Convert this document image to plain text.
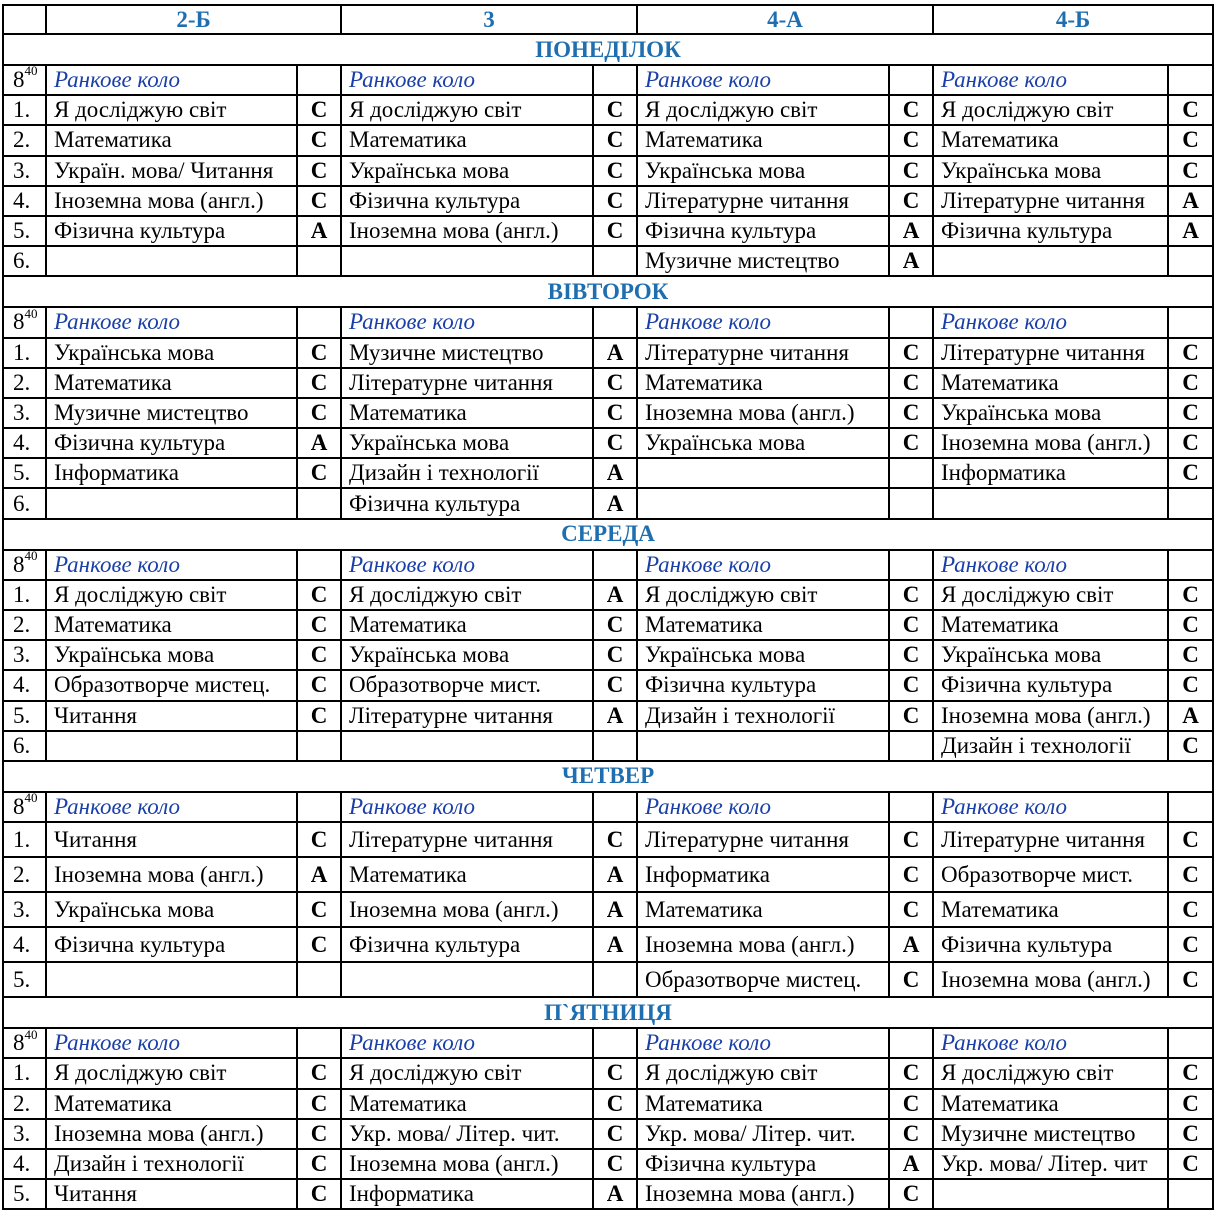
	2-Б		3		4-А		4-Б	
ПОНЕДІЛОК								
$8^{40}$	Ранкове коло		Ранкове коло		Ранкове коло		Ранкове коло	
1.	Я досліджую світ	С	Я досліджую світ	С	Я досліджую світ	С	Я досліджую світ	С
2.	Математика	С	Математика	С	Математика	С	Математика	С
3.	Україн. мова/ Читання	С	Українська мова	С	Українська мова	С	Українська мова	С
4.	Іноземна мова (англ.)	С	Фізична культура	С	Літературне читання	С	Літературне читання	А
5.	Фізична культура	А	Іноземна мова (англ.)	С	Фізична культура	А	Фізична культура	А
6.					Музичне мистецтво	А		
ВІВТОРОК								
$8^{40}$	Ранкове коло		Ранкове коло		Ранкове коло		Ранкове коло	
1.	Українська мова	С	Музичне мистецтво	А	Літературне читання	С	Літературне читання	С
2.	Математика	С	Літературне читання	С	Математика	С	Математика	С
3.	Музичне мистецтво	С	Математика	С	Іноземна мова (англ.)	С	Українська мова	С
4.	Фізична культура	А	Українська мова	С	Українська мова	С	Іноземна мова (англ.)	С
5.	Інформатика	С	Дизайн і технології	А			Інформатика	С
6.			Фізична культура	А				
СЕРЕДА								
$8^{40}$	Ранкове коло		Ранкове коло		Ранкове коло		Ранкове коло	
1.	Я досліджую світ	С	Я досліджую світ	А	Я досліджую світ	С	Я досліджую світ	С
2.	Математика	С	Математика	С	Математика	С	Математика	С
3.	Українська мова	С	Українська мова	С	Українська мова	С	Українська мова	С
4.	Образотворче мистец.	С	Образотворче мист.	С	Фізична культура	С	Фізична культура	С
5.	Читання	С	Літературне читання	А	Дизайн і технології	С	Іноземна мова (англ.)	А
6.							Дизайн і технології	С
ЧЕТВЕР								
$8^{40}$	Ранкове коло		Ранкове коло		Ранкове коло		Ранкове коло	
1.	Читання	С	Літературне читання	С	Літературне читання	С	Літературне читання	С
2.	Іноземна мова (англ.)	А	Математика	А	Інформатика	С	Образотворче мист.	С
3.	Українська мова	С	Іноземна мова (англ.)	А	Математика	С	Математика	С
4.	Фізична культура	С	Фізична культура	А	Іноземна мова (англ.)	А	Фізична культура	С
5.					Образотворче мистец.	С	Іноземна мова (англ.)	С
П`ЯТНИЦЯ								
$8^{40}$	Ранкове коло		Ранкове коло		Ранкове коло		Ранкове коло	
1.	Я досліджую світ	С	Я досліджую світ	С	Я досліджую світ	С	Я досліджую світ	С
2.	Математика	С	Математика	С	Математика	С	Математика	С
3.	Іноземна мова (англ.)	С	Укр. мова/ Літер. чит.	С	Укр. мова/ Літер. чит.	С	Музичне мистецтво	С
4.	Дизайн і технології	С	Іноземна мова (англ.)	С	Фізична культура	А	Укр. мова/ Літер. чит	С
5.	Читання	С	Інформатика	А	Іноземна мова (англ.)	С		
